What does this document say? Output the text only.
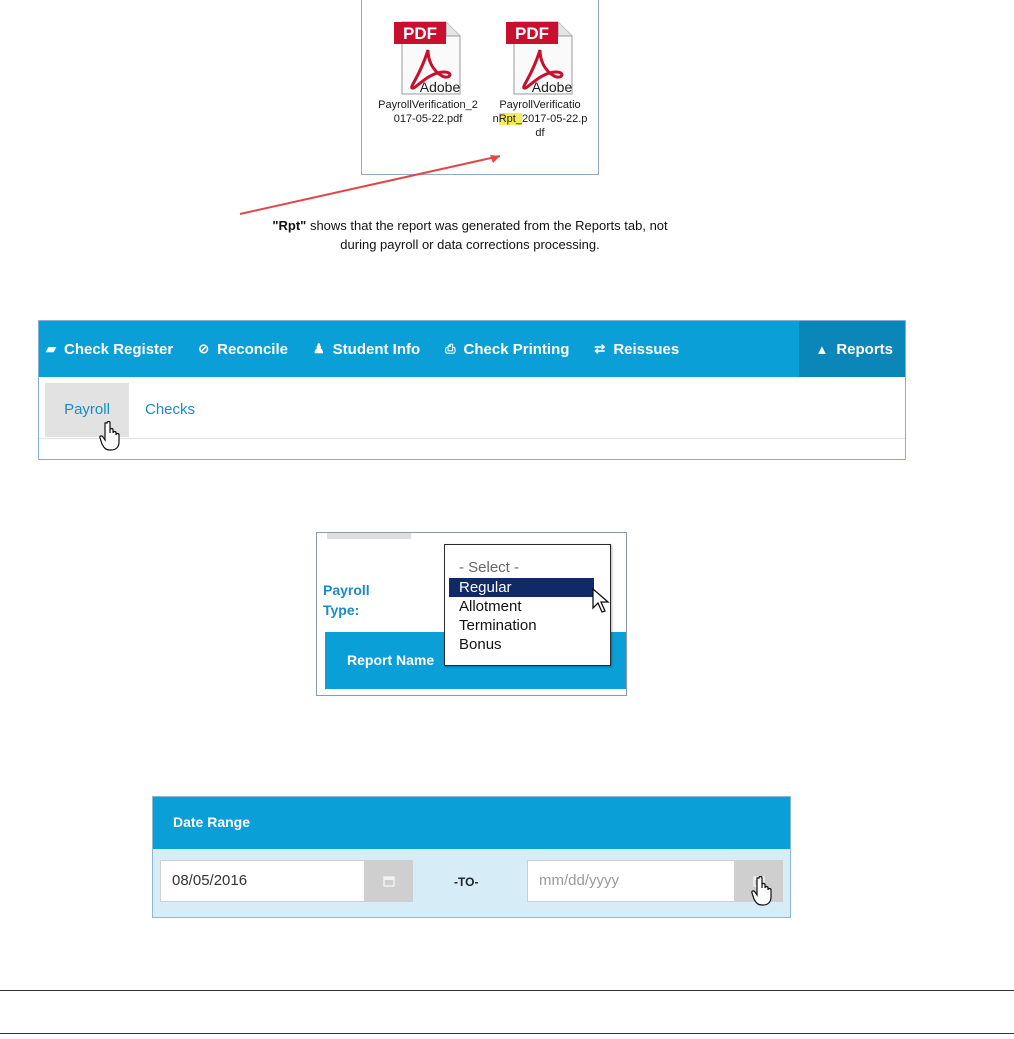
PDF
Adobe
PayrollVerification_2017-05-22.pdf
PDF
Adobe
PayrollVerificatio
nRpt_2017-05-22.pdf
"Rpt" shows that the report was generated from the Reports tab, not
during payroll or data corrections processing.
▰ Check Register ⊘ Reconcile ♟ Student Info ⎙ Check Printing ⇄ Reissues	▲ Reports
Payroll	Checks
Payroll
Type:
Report Name
- Select -
Regular
Allotment
Termination
Bonus
Date Range
08/05/2016	-TO-	mm/dd/yyyy
